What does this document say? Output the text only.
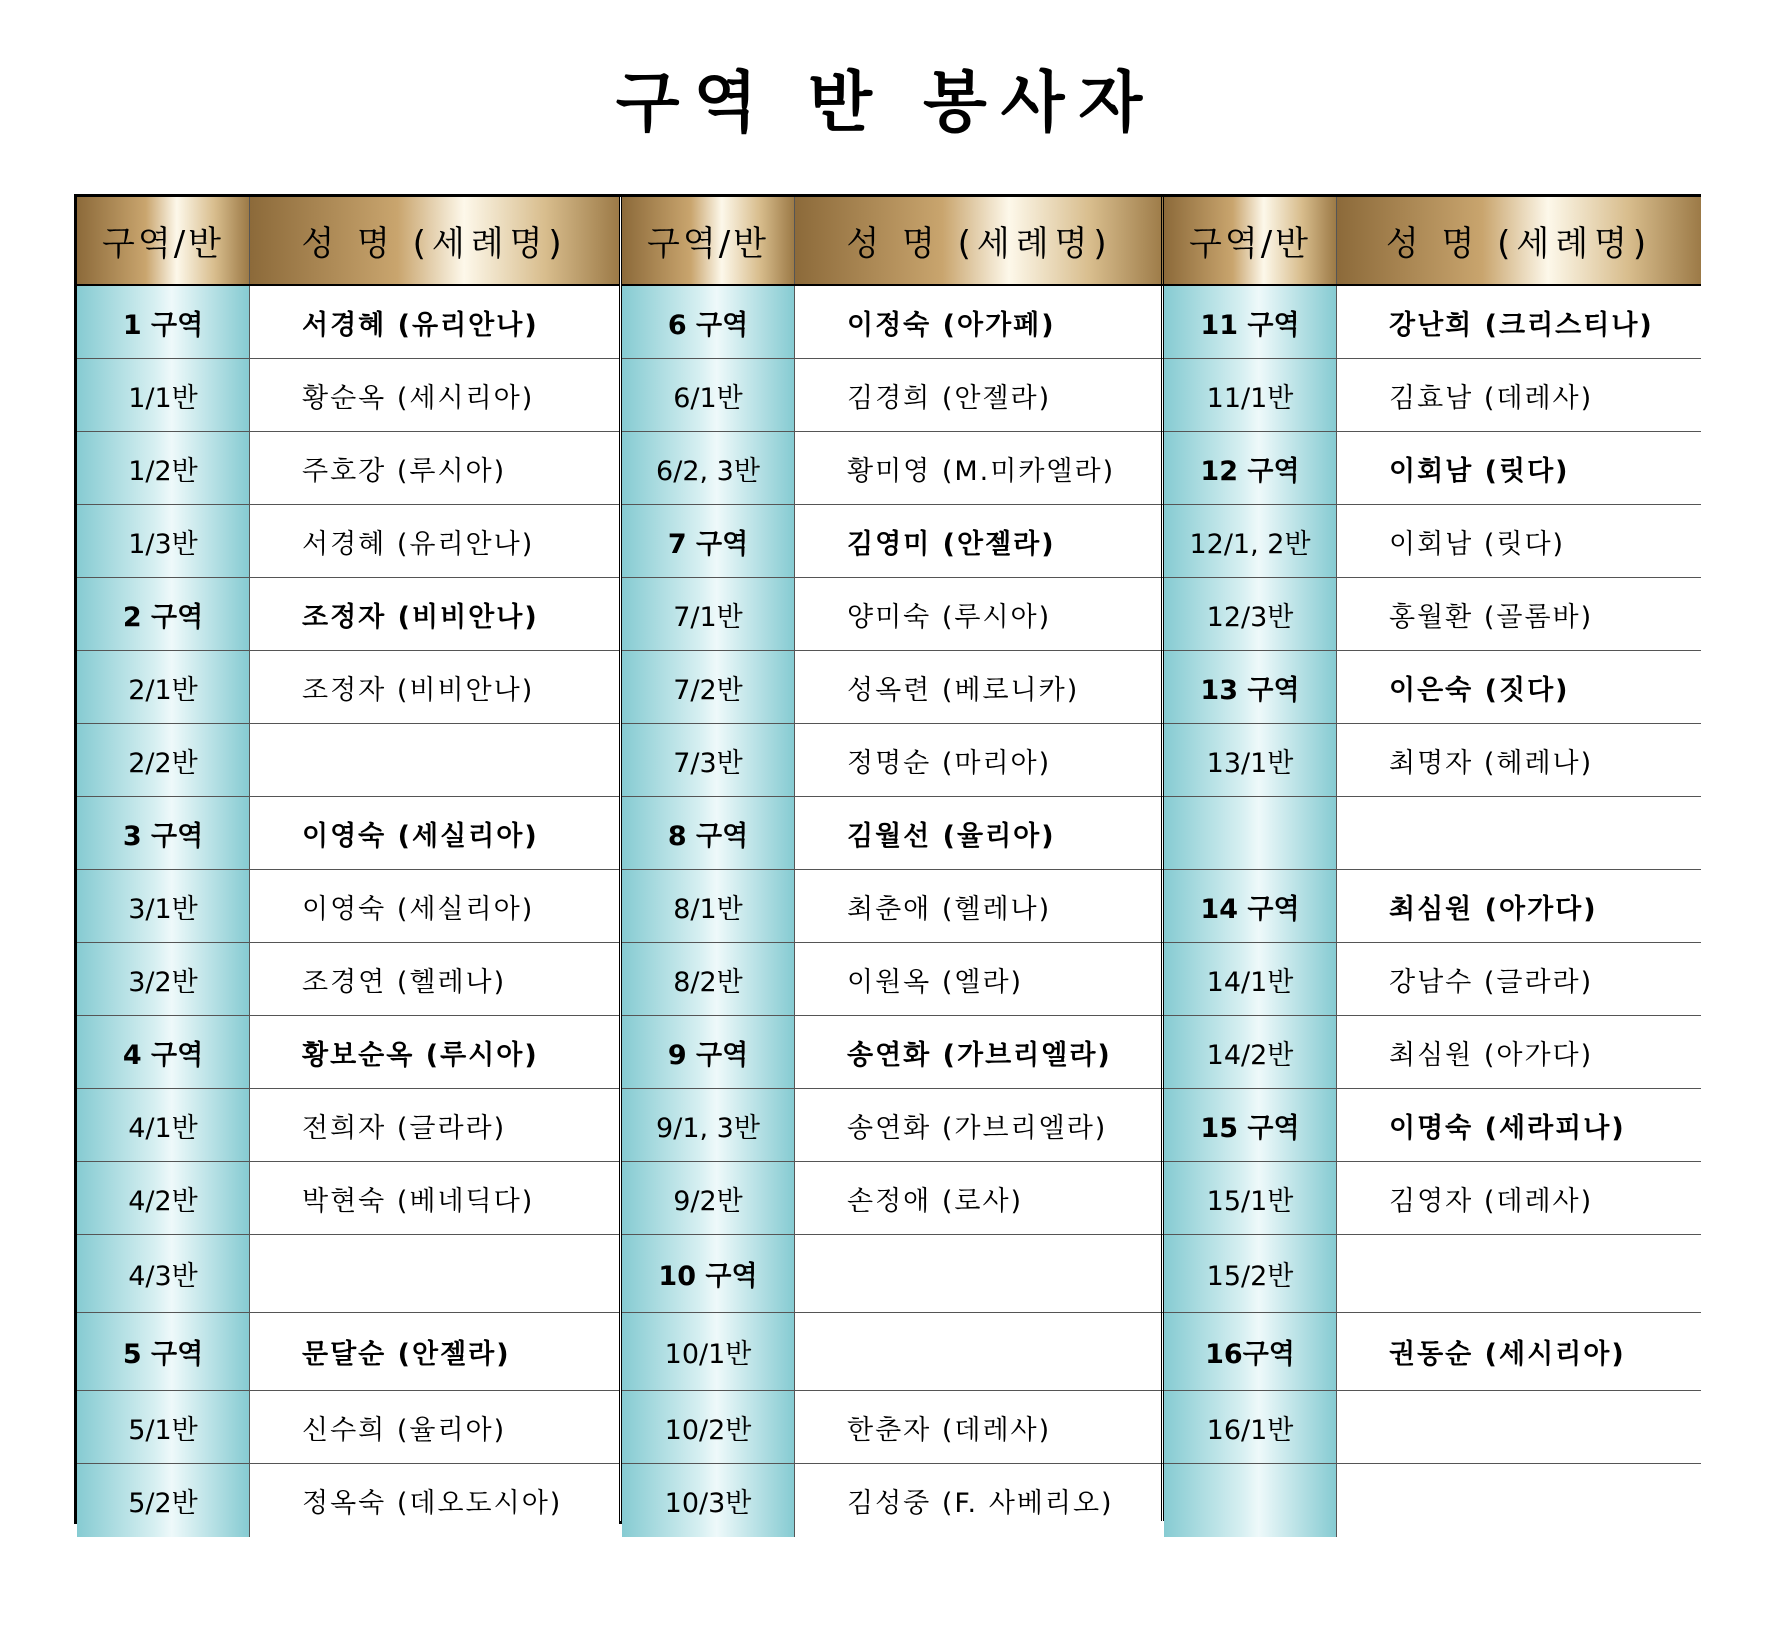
구역 반 봉사자
구역/반	성 명 (세례명)
1 구역	서경혜 (유리안나)
1/1반	황순옥 (세시리아)
1/2반	주호강 (루시아)
1/3반	서경혜 (유리안나)
2 구역	조정자 (비비안나)
2/1반	조정자 (비비안나)
2/2반
3 구역	이영숙 (세실리아)
3/1반	이영숙 (세실리아)
3/2반	조경연 (헬레나)
4 구역	황보순옥 (루시아)
4/1반	전희자 (글라라)
4/2반	박현숙 (베네딕다)
4/3반
5 구역	문달순 (안젤라)
5/1반	신수희 (율리아)
5/2반	정옥숙 (데오도시아)
구역/반	성 명 (세례명)
6 구역	이정숙 (아가페)
6/1반	김경희 (안젤라)
6/2, 3반	황미영 (M.미카엘라)
7 구역	김영미 (안젤라)
7/1반	양미숙 (루시아)
7/2반	성옥련 (베로니카)
7/3반	정명순 (마리아)
8 구역	김월선 (율리아)
8/1반	최춘애 (헬레나)
8/2반	이원옥 (엘라)
9 구역	송연화 (가브리엘라)
9/1, 3반	송연화 (가브리엘라)
9/2반	손정애 (로사)
10 구역
10/1반
10/2반	한춘자 (데레사)
10/3반	김성중 (F. 사베리오)
구역/반	성 명 (세례명)
11 구역	강난희 (크리스티나)
11/1반	김효남 (데레사)
12 구역	이회남 (릿다)
12/1, 2반	이회남 (릿다)
12/3반	홍월환 (골롬바)
13 구역	이은숙 (짓다)
13/1반	최명자 (헤레나)
14 구역	최심원 (아가다)
14/1반	강남수 (글라라)
14/2반	최심원 (아가다)
15 구역	이명숙 (세라피나)
15/1반	김영자 (데레사)
15/2반
16구역	권동순 (세시리아)
16/1반
